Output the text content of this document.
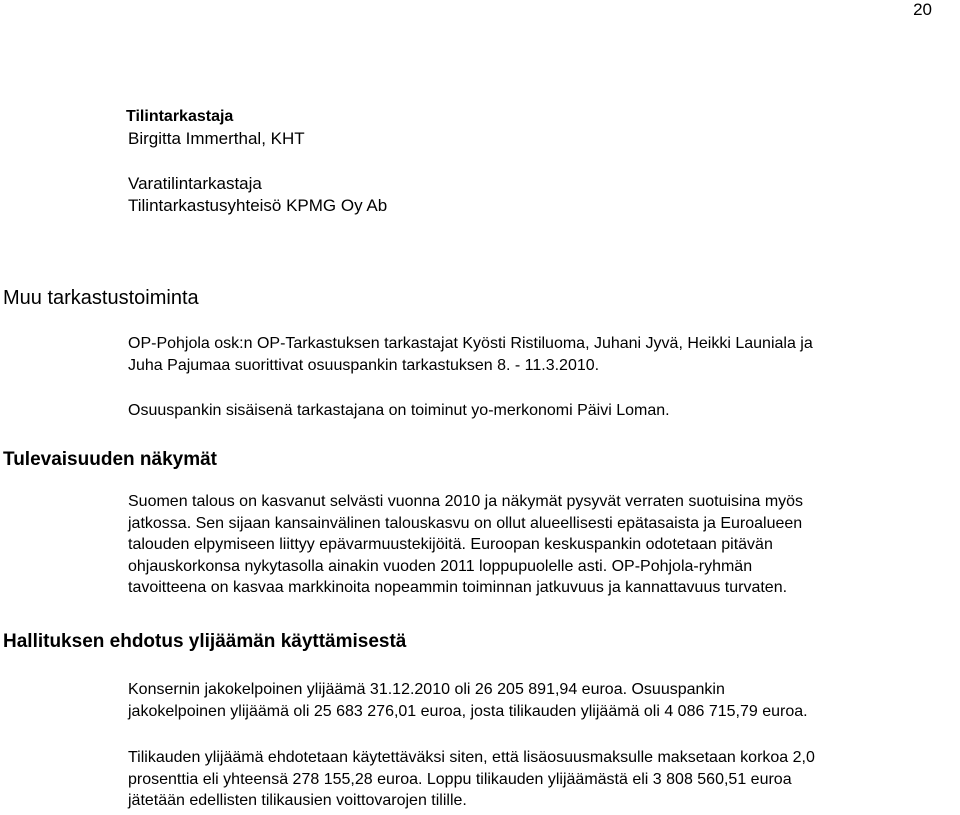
20
Tilintarkastaja
Birgitta Immerthal, KHT
Varatilintarkastaja
Tilintarkastusyhteisö KPMG Oy Ab
Muu tarkastustoiminta

OP-Pohjola osk:n OP-Tarkastuksen tarkastajat Kyösti Ristiluoma, Juhani Jyvä, Heikki Launiala ja

Juha Pajumaa suorittivat osuuspankin tarkastuksen 8. - 11.3.2010.

Osuuspankin sisäisenä tarkastajana on toiminut yo-merkonomi Päivi Loman.

Tulevaisuuden näkymät

Suomen talous on kasvanut selvästi vuonna 2010 ja näkymät pysyvät verraten suotuisina myös

jatkossa. Sen sijaan kansainvälinen talouskasvu on ollut alueellisesti epätasaista ja Euroalueen

talouden elpymiseen liittyy epävarmuustekijöitä. Euroopan keskuspankin odotetaan pitävän

ohjauskorkonsa nykytasolla ainakin vuoden 2011 loppupuolelle asti. OP-Pohjola-ryhmän

tavoitteena on kasvaa markkinoita nopeammin toiminnan jatkuvuus ja kannattavuus turvaten.

Hallituksen ehdotus ylijäämän käyttämisestä

Konsernin jakokelpoinen ylijäämä 31.12.2010 oli 26 205 891,94 euroa. Osuuspankin

jakokelpoinen ylijäämä oli 25 683 276,01 euroa, josta tilikauden ylijäämä oli 4 086 715,79 euroa.

Tilikauden ylijäämä ehdotetaan käytettäväksi siten, että lisäosuusmaksulle maksetaan korkoa 2,0

prosenttia eli yhteensä 278 155,28 euroa. Loppu tilikauden ylijäämästä eli 3 808 560,51 euroa

jätetään edellisten tilikausien voittovarojen tilille.
